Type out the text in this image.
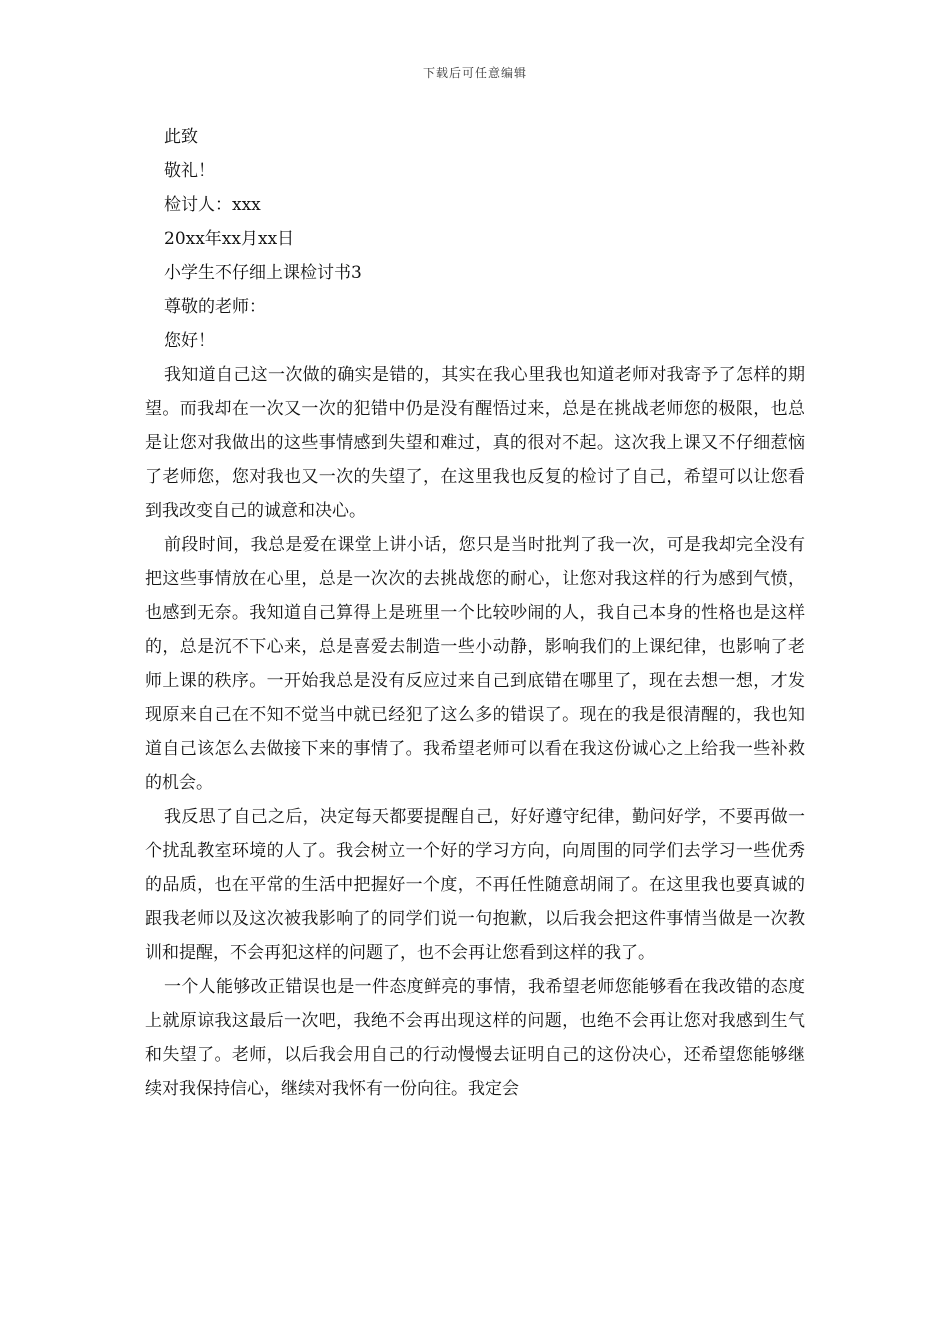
下载后可任意编辑
此致
敬礼！
检讨人：xxx
20xx年xx月xx日
小学生不仔细上课检讨书3
尊敬的老师：
您好！

我知道自己这一次做的确实是错的，其实在我心里我也知道老师对我寄予了怎样的期望。而我却在一次又一次的犯错中仍是没有醒悟过来，总是在挑战老师您的极限，也总是让您对我做出的这些事情感到失望和难过，真的很对不起。这次我上课又不仔细惹恼了老师您，您对我也又一次的失望了，在这里我也反复的检讨了自己，希望可以让您看到我改变自己的诚意和决心。

前段时间，我总是爱在课堂上讲小话，您只是当时批判了我一次，可是我却完全没有把这些事情放在心里，总是一次次的去挑战您的耐心，让您对我这样的行为感到气愤，也感到无奈。我知道自己算得上是班里一个比较吵闹的人，我自己本身的性格也是这样的，总是沉不下心来，总是喜爱去制造一些小动静，影响我们的上课纪律，也影响了老师上课的秩序。一开始我总是没有反应过来自己到底错在哪里了，现在去想一想，才发现原来自己在不知不觉当中就已经犯了这么多的错误了。现在的我是很清醒的，我也知道自己该怎么去做接下来的事情了。我希望老师可以看在我这份诚心之上给我一些补救的机会。

我反思了自己之后，决定每天都要提醒自己，好好遵守纪律，勤问好学，不要再做一个扰乱教室环境的人了。我会树立一个好的学习方向，向周围的同学们去学习一些优秀的品质，也在平常的生活中把握好一个度，不再任性随意胡闹了。在这里我也要真诚的跟我老师以及这次被我影响了的同学们说一句抱歉，以后我会把这件事情当做是一次教训和提醒，不会再犯这样的问题了，也不会再让您看到这样的我了。

一个人能够改正错误也是一件态度鲜亮的事情，我希望老师您能够看在我改错的态度上就原谅我这最后一次吧，我绝不会再出现这样的问题，也绝不会再让您对我感到生气和失望了。老师，以后我会用自己的行动慢慢去证明自己的这份决心，还希望您能够继续对我保持信心，继续对我怀有一份向往。我定会
